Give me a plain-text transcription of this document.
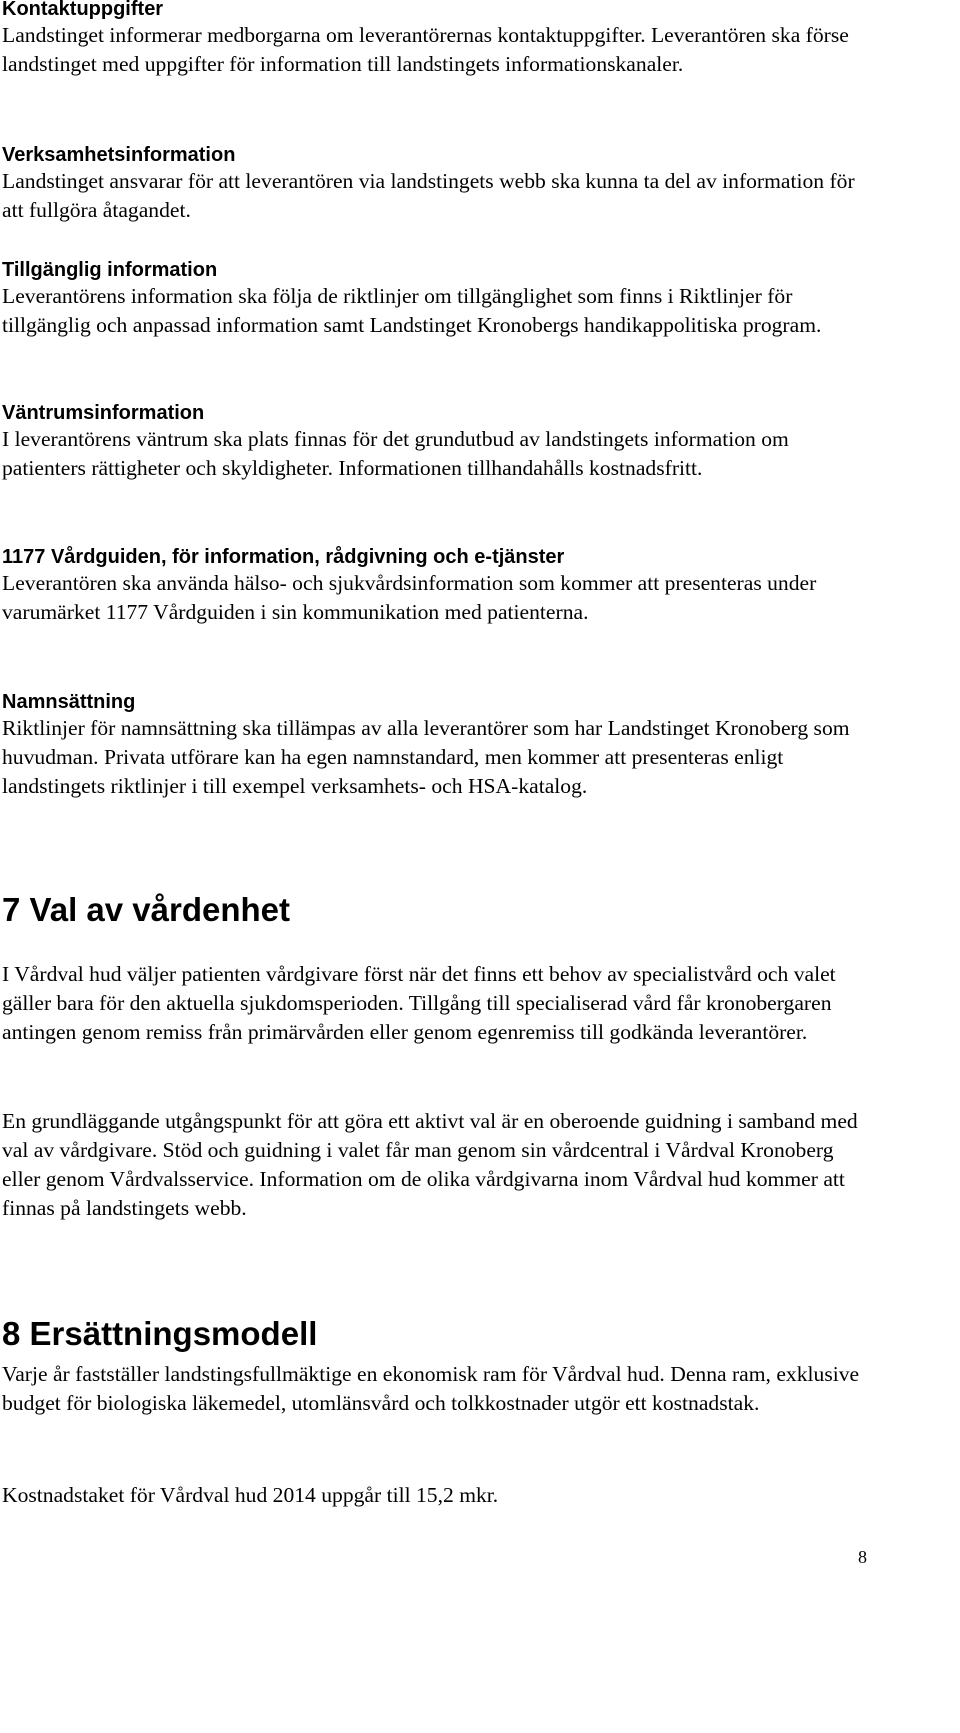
Kontaktuppgifter

Landstinget informerar medborgarna om leverantörernas kontaktuppgifter. Leverantören ska förse landstinget med uppgifter för information till landstingets informationskanaler.

Verksamhetsinformation

Landstinget ansvarar för att leverantören via landstingets webb ska kunna ta del av information för att fullgöra åtagandet.

Tillgänglig information

Leverantörens information ska följa de riktlinjer om tillgänglighet som finns i Riktlinjer för tillgänglig och anpassad information samt Landstinget Kronobergs handikappolitiska program.

Väntrumsinformation

I leverantörens väntrum ska plats finnas för det grundutbud av landstingets information om patienters rättigheter och skyldigheter. Informationen tillhandahålls kostnadsfritt.

1177 Vårdguiden, för information, rådgivning och e-tjänster

Leverantören ska använda hälso- och sjukvårdsinformation som kommer att presenteras under varumärket 1177 Vårdguiden i sin kommunikation med patienterna.

Namnsättning

Riktlinjer för namnsättning ska tillämpas av alla leverantörer som har Landstinget Kronoberg som huvudman. Privata utförare kan ha egen namnstandard, men kommer att presenteras enligt landstingets riktlinjer i till exempel verksamhets- och HSA-katalog.

7 Val av vårdenhet

I Vårdval hud väljer patienten vårdgivare först när det finns ett behov av specialistvård och valet gäller bara för den aktuella sjukdomsperioden. Tillgång till specialiserad vård får kronobergaren antingen genom remiss från primärvården eller genom egenremiss till godkända leverantörer.

En grundläggande utgångspunkt för att göra ett aktivt val är en oberoende guidning i samband med val av vårdgivare. Stöd och guidning i valet får man genom sin vårdcentral i Vårdval Kronoberg eller genom Vårdvalsservice. Information om de olika vårdgivarna inom Vårdval hud kommer att finnas på landstingets webb.

8 Ersättningsmodell

Varje år fastställer landstingsfullmäktige en ekonomisk ram för Vårdval hud. Denna ram, exklusive budget för biologiska läkemedel, utomlänsvård och tolkkostnader utgör ett kostnadstak.

Kostnadstaket för Vårdval hud 2014 uppgår till 15,2 mkr.

8
